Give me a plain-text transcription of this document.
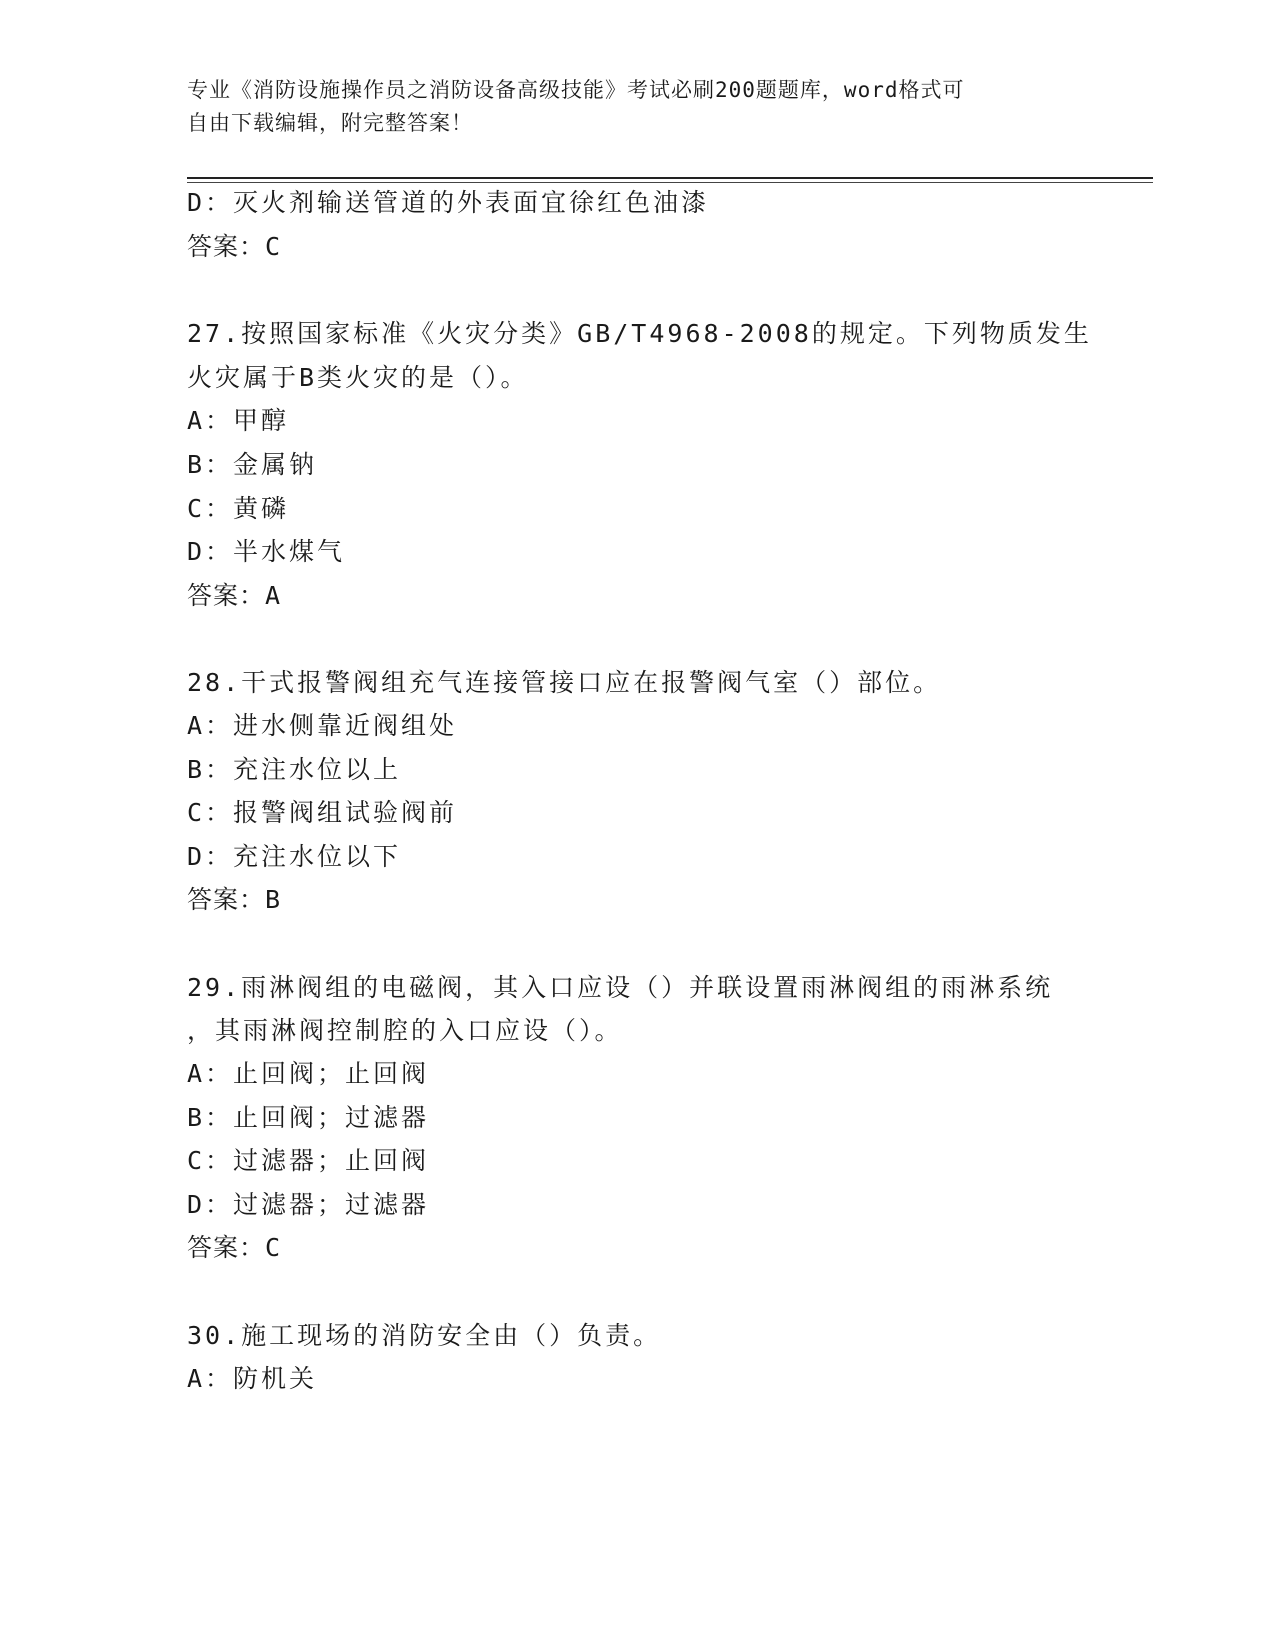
专业《消防设施操作员之消防设备高级技能》考试必刷200题题库，word格式可
自由下载编辑，附完整答案！
D：灭火剂输送管道的外表面宜徐红色油漆
答案：C
27.按照国家标准《火灾分类》GB/T4968-2008的规定。下列物质发生
火灾属于B类火灾的是（）。
A：甲醇
B：金属钠
C：黄磷
D：半水煤气
答案：A
28.干式报警阀组充气连接管接口应在报警阀气室（）部位。
A：进水侧靠近阀组处
B：充注水位以上
C：报警阀组试验阀前
D：充注水位以下
答案：B
29.雨淋阀组的电磁阀，其入口应设（）并联设置雨淋阀组的雨淋系统
，其雨淋阀控制腔的入口应设（）。
A：止回阀；止回阀
B：止回阀；过滤器
C：过滤器；止回阀
D：过滤器；过滤器
答案：C
30.施工现场的消防安全由（）负责。
A：防机关
